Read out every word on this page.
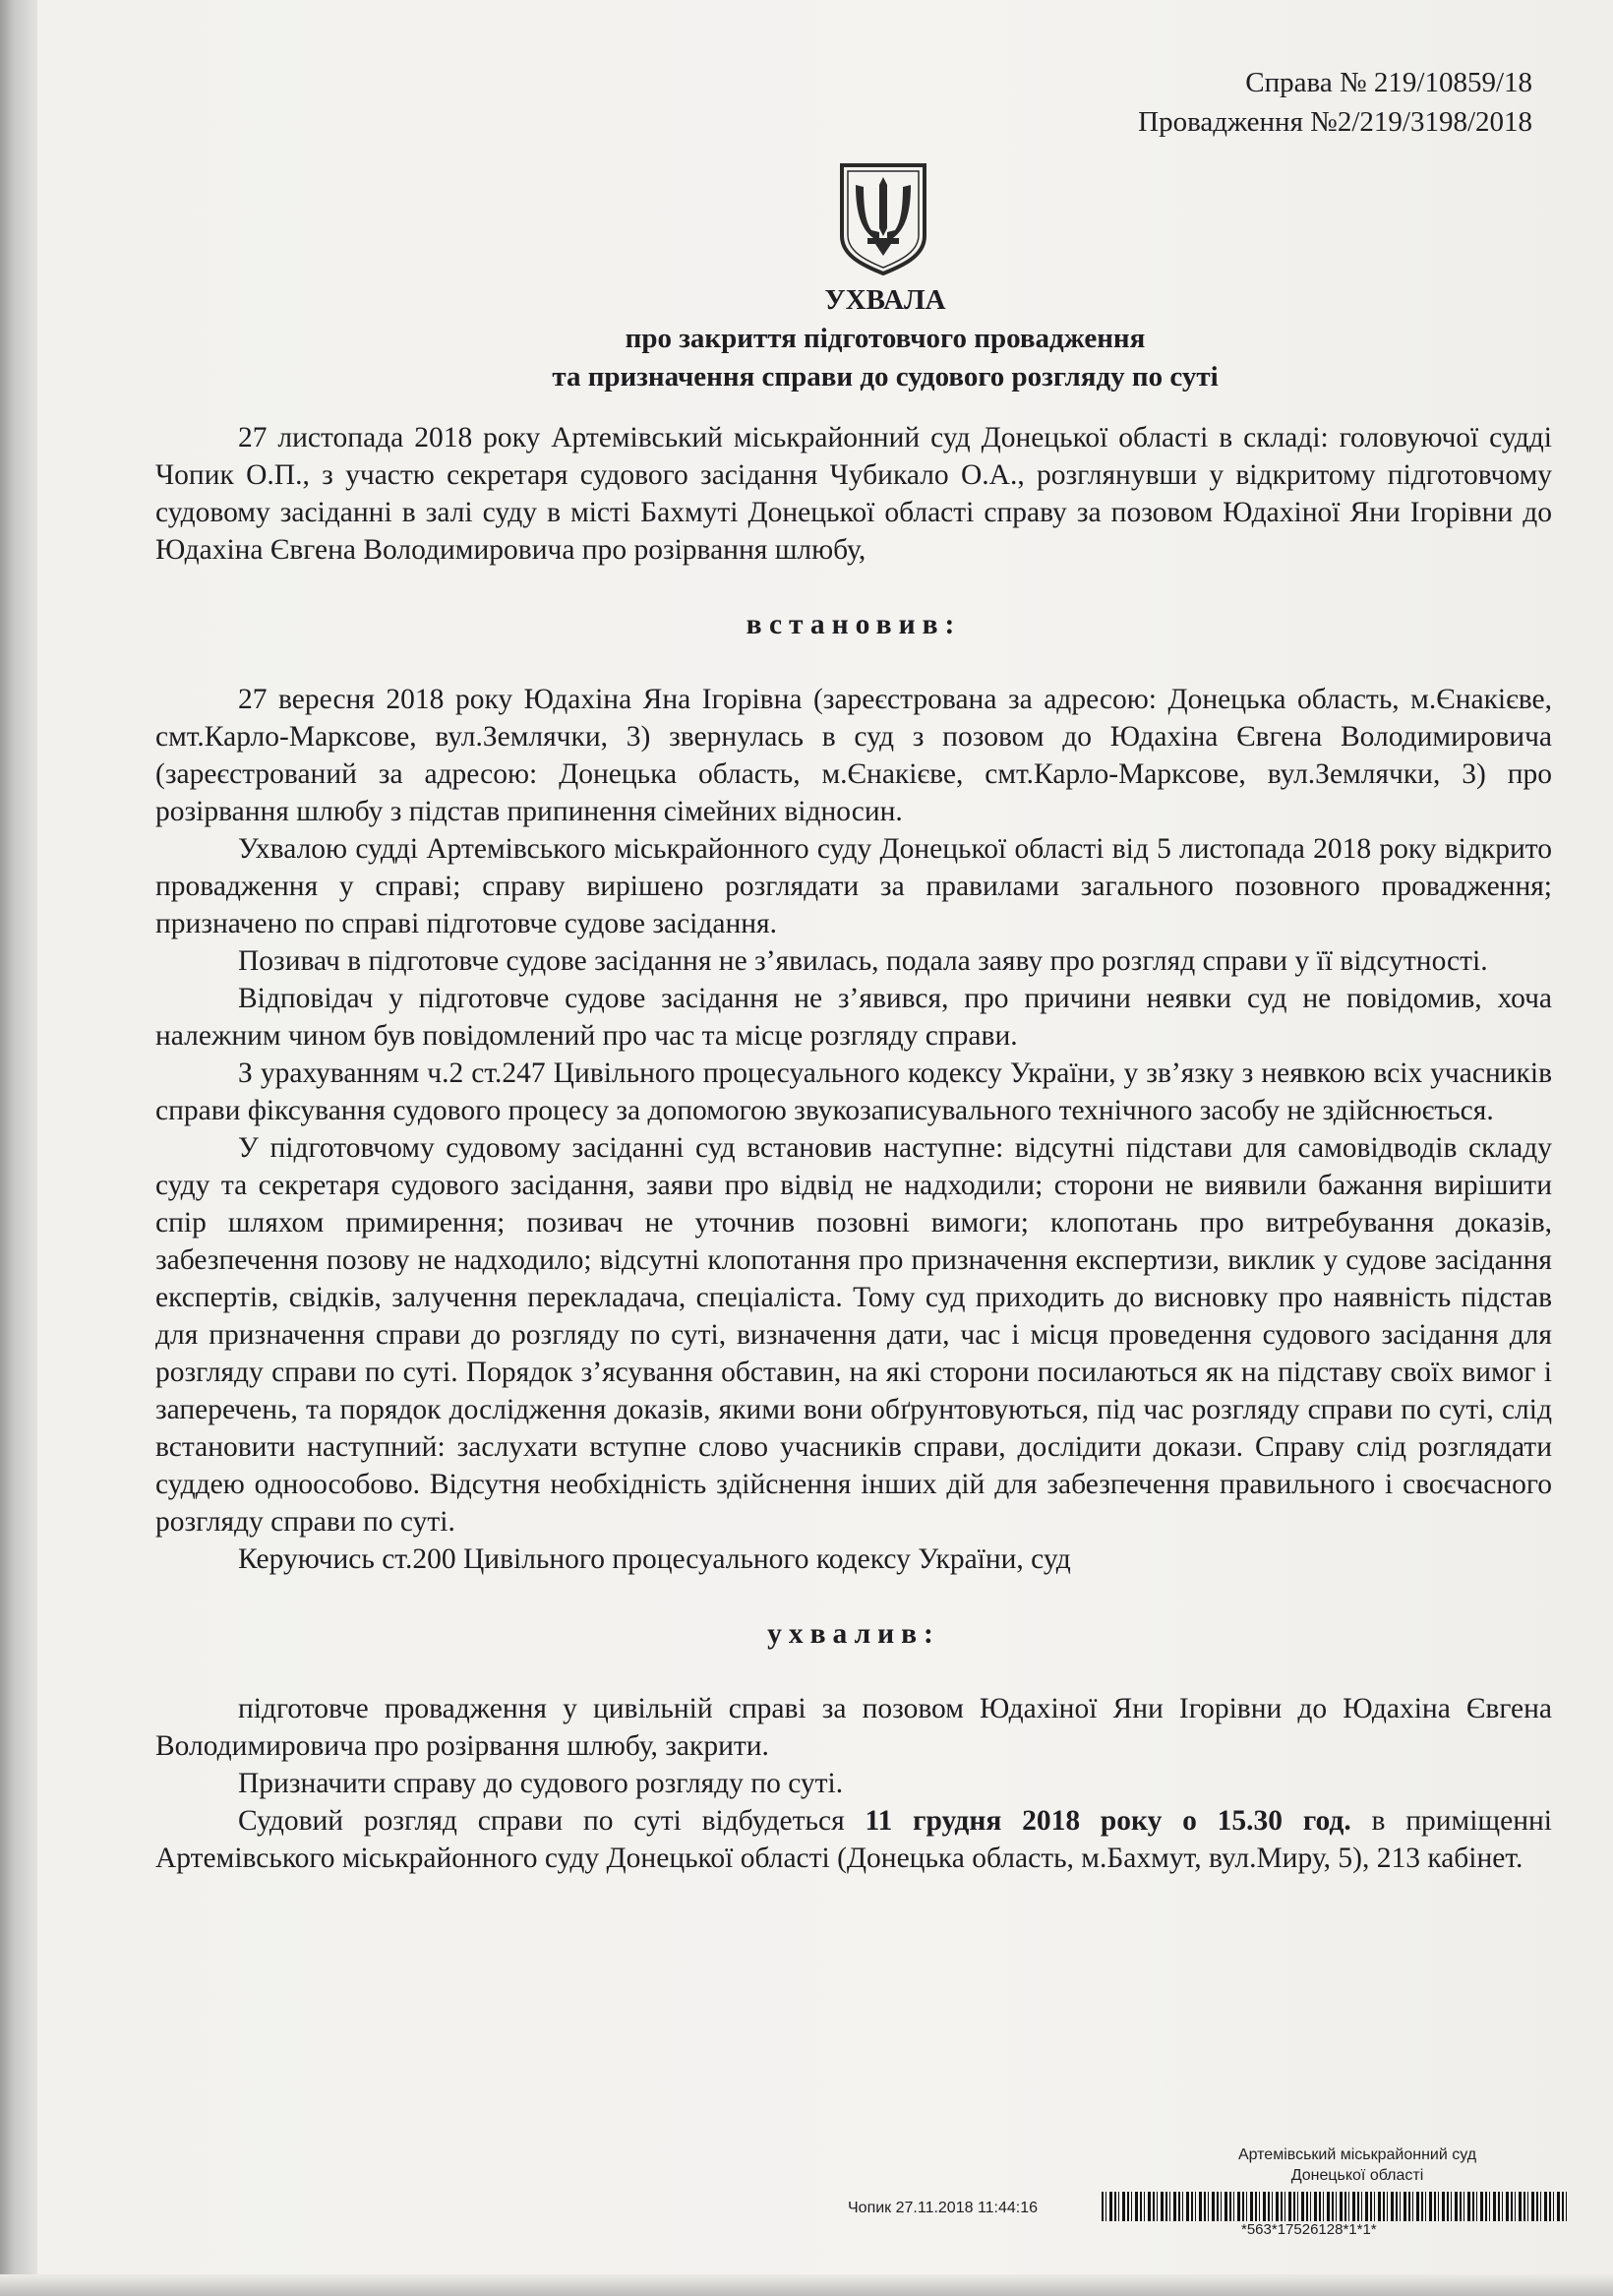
Справа № 219/10859/18
Провадження №2/219/3198/2018
УХВАЛА
про закриття підготовчого провадження
та призначення справи до судового розгляду по суті

27 листопада 2018 року Артемівський міськрайонний суд Донецької області в складі: головуючої судді Чопик О.П., з участю секретаря судового засідання Чубикало О.А., розглянувши у відкритому підготовчому судовому засіданні в залі суду в місті Бахмуті Донецької області справу за позовом Юдахіної Яни Ігорівни до Юдахіна Євгена Володимировича про розірвання шлюбу,

встановив:

27 вересня 2018 року Юдахіна Яна Ігорівна (зареєстрована за адресою: Донецька область, м.Єнакієве, смт.Карло-Марксове, вул.Землячки, 3) звернулась в суд з позовом до Юдахіна Євгена Володимировича (зареєстрований за адресою: Донецька область, м.Єнакієве, смт.Карло-Марксове, вул.Землячки, 3) про розірвання шлюбу з підстав припинення сімейних відносин.

Ухвалою судді Артемівського міськрайонного суду Донецької області від 5 листопада 2018 року відкрито провадження у справі; справу вирішено розглядати за правилами загального позовного провадження; призначено по справі підготовче судове засідання.

Позивач в підготовче судове засідання не з’явилась, подала заяву про розгляд справи у її відсутності.

Відповідач у підготовче судове засідання не з’явився, про причини неявки суд не повідомив, хоча належним чином був повідомлений про час та місце розгляду справи.

З урахуванням ч.2 ст.247 Цивільного процесуального кодексу України, у зв’язку з неявкою всіх учасників справи фіксування судового процесу за допомогою звукозаписувального технічного засобу не здійснюється.

У підготовчому судовому засіданні суд встановив наступне: відсутні підстави для самовідводів складу суду та секретаря судового засідання, заяви про відвід не надходили; сторони не виявили бажання вирішити спір шляхом примирення; позивач не уточнив позовні вимоги; клопотань про витребування доказів, забезпечення позову не надходило; відсутні клопотання про призначення експертизи, виклик у судове засідання експертів, свідків, залучення перекладача, спеціаліста. Тому суд приходить до висновку про наявність підстав для призначення справи до розгляду по суті, визначення дати, час і місця проведення судового засідання для розгляду справи по суті. Порядок з’ясування обставин, на які сторони посилаються як на підставу своїх вимог і заперечень, та порядок дослідження доказів, якими вони обґрунтовуються, під час розгляду справи по суті, слід встановити наступний: заслухати вступне слово учасників справи, дослідити докази. Справу слід розглядати суддею одноособово. Відсутня необхідність здійснення інших дій для забезпечення правильного і своєчасного розгляду справи по суті.

Керуючись ст.200 Цивільного процесуального кодексу України, суд

ухвалив:

підготовче провадження у цивільній справі за позовом Юдахіної Яни Ігорівни до Юдахіна Євгена Володимировича про розірвання шлюбу, закрити.

Призначити справу до судового розгляду по суті.

Судовий розгляд справи по суті відбудеться 11 грудня 2018 року о 15.30 год. в приміщенні Артемівського міськрайонного суду Донецької області (Донецька область, м.Бахмут, вул.Миру, 5), 213 кабінет.

Артемівський міськрайонний суд
Донецької області
Чопик 27.11.2018 11:44:16
*563*17526128*1*1*
